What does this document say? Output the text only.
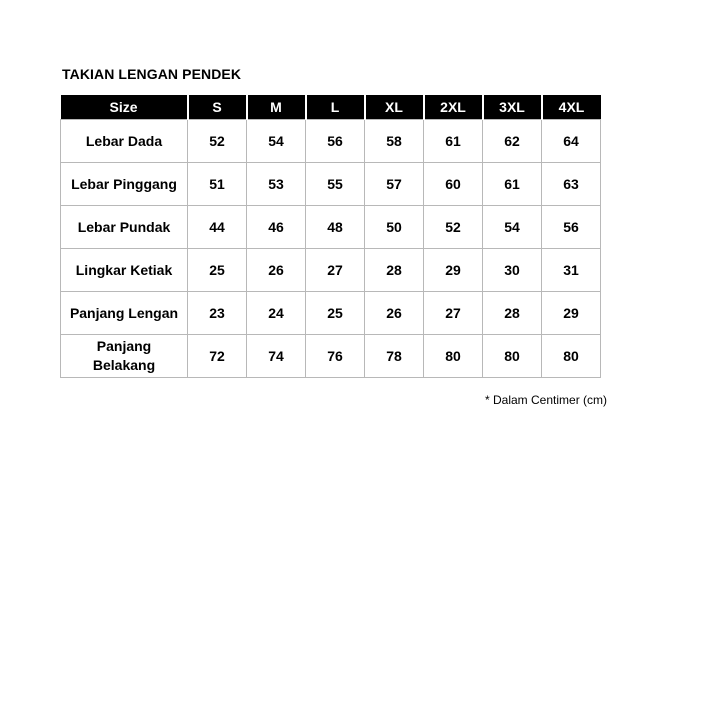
TAKIAN LENGAN PENDEK
Size	S	M	L	XL	2XL	3XL	4XL
Lebar Dada	52	54	56	58	61	62	64
Lebar Pinggang	51	53	55	57	60	61	63
Lebar Pundak	44	46	48	50	52	54	56
Lingkar Ketiak	25	26	27	28	29	30	31
Panjang Lengan	23	24	25	26	27	28	29
Panjang Belakang	72	74	76	78	80	80	80
* Dalam Centimer (cm)
